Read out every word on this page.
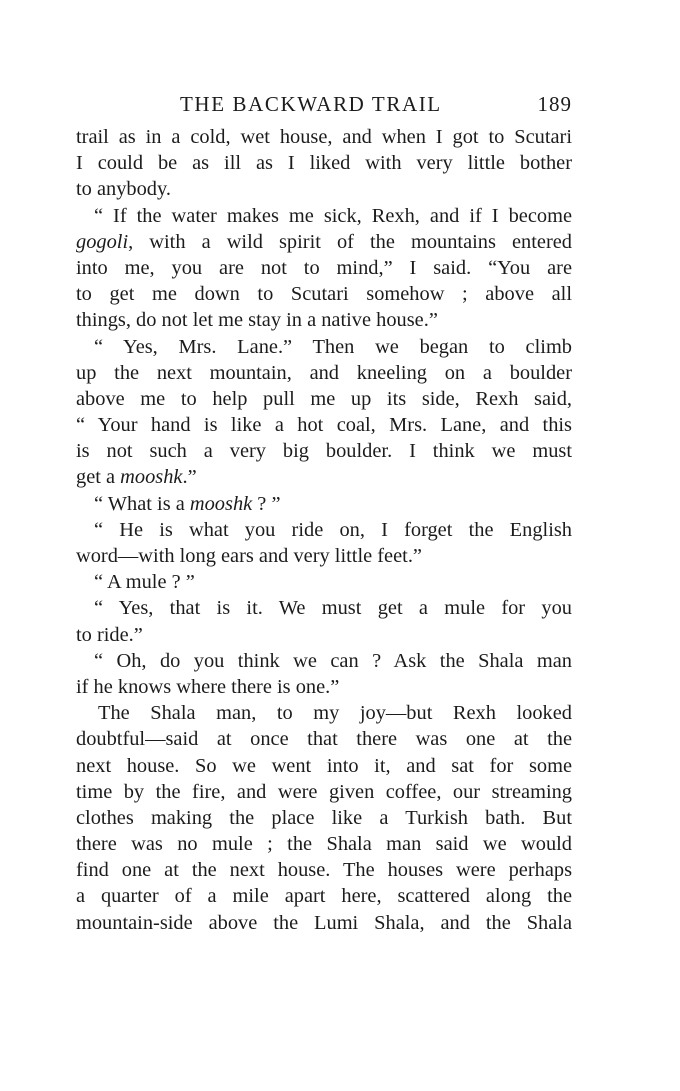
THE BACKWARD TRAIL	189
trail as in a cold, wet house, and when I got to Scutari
I could be as ill as I liked with very little bother
to anybody.
“ If the water makes me sick, Rexh, and if I become
gogoli, with a wild spirit of the mountains entered
into me, you are not to mind,” I said. “You are
to get me down to Scutari somehow ; above all
things, do not let me stay in a native house.”
“ Yes, Mrs. Lane.” Then we began to climb
up the next mountain, and kneeling on a boulder
above me to help pull me up its side, Rexh said,
“ Your hand is like a hot coal, Mrs. Lane, and this
is not such a very big boulder. I think we must
get a mooshk.”
“ What is a mooshk ? ”
“ He is what you ride on, I forget the English
word—with long ears and very little feet.”
“ A mule ? ”
“ Yes, that is it. We must get a mule for you
to ride.”
“ Oh, do you think we can ? Ask the Shala man
if he knows where there is one.”
The Shala man, to my joy—but Rexh looked
doubtful—said at once that there was one at the
next house. So we went into it, and sat for some
time by the fire, and were given coffee, our streaming
clothes making the place like a Turkish bath. But
there was no mule ; the Shala man said we would
find one at the next house. The houses were perhaps
a quarter of a mile apart here, scattered along the
mountain-side above the Lumi Shala, and the Shala
